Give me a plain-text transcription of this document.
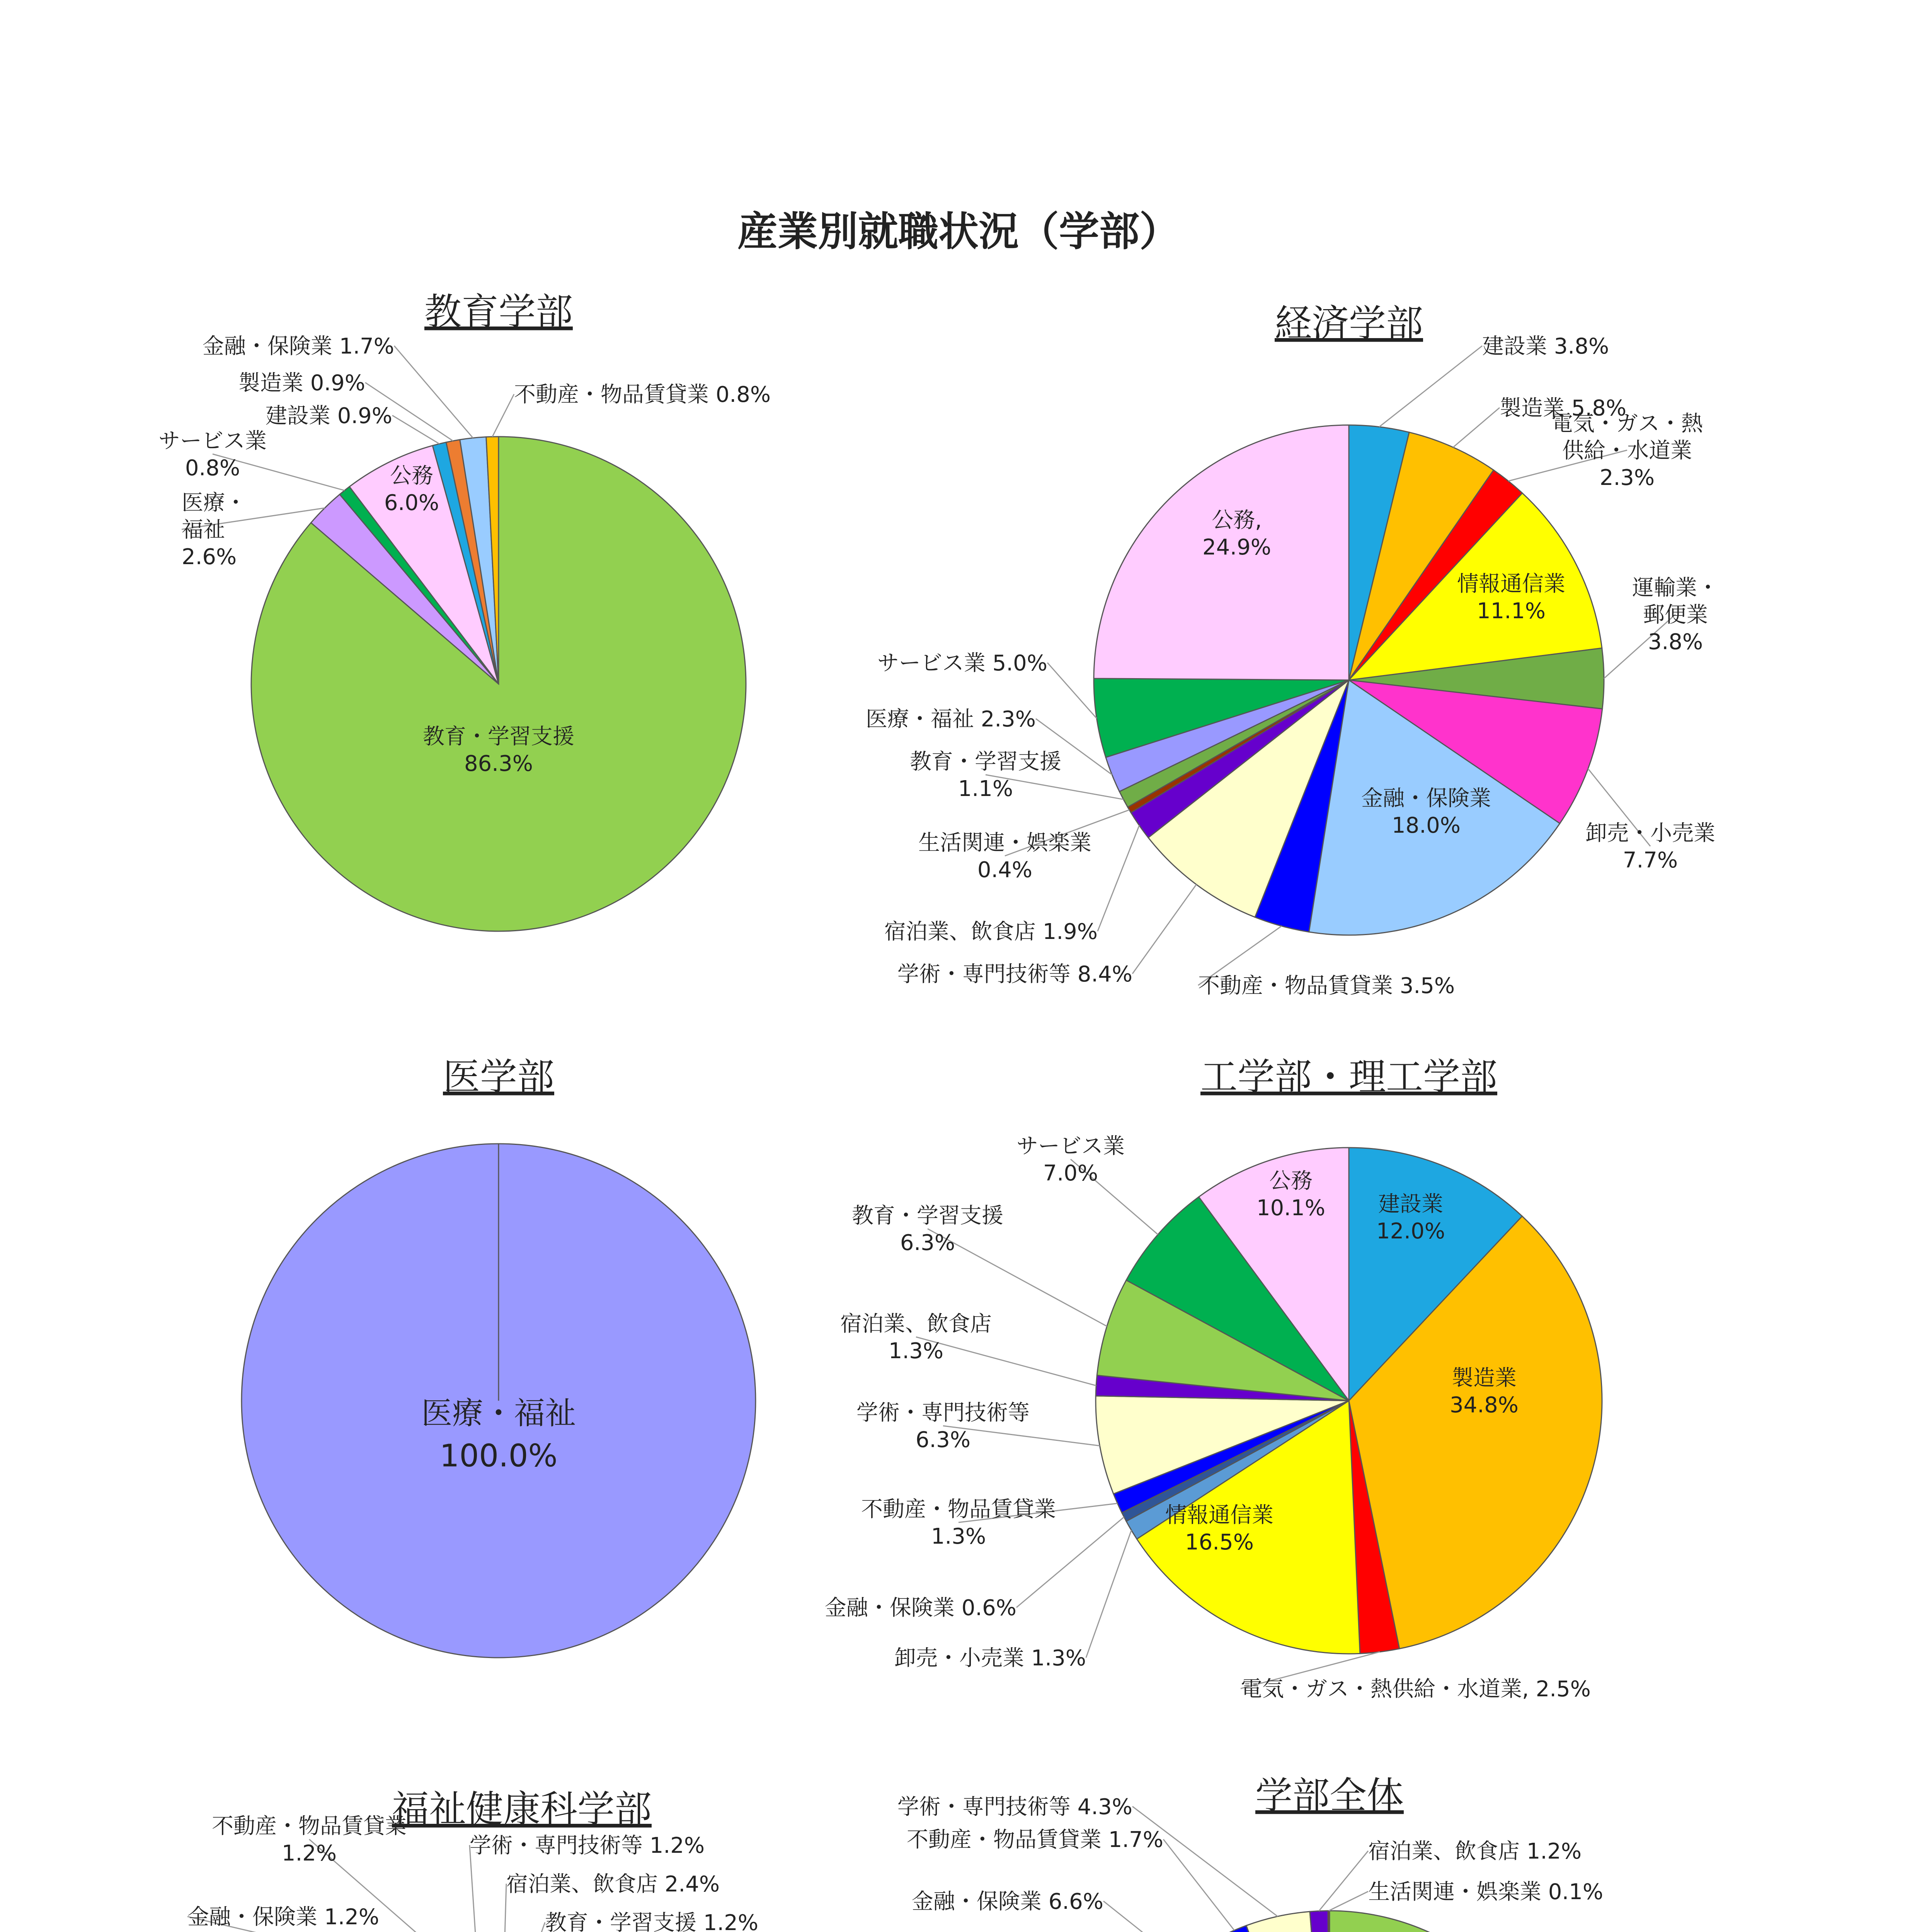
産業別就職状況（学部）
教育学部
教育・学習支援 86.3%
医療・福祉 2.6%
サービス業 0.8%	公務 6.0%
建設業 0.9%
製造業 0.9%
金融・保険業 1.7%
不動産・物品賃貸業 0.8%
経済学部
建設業 3.8%
製造業 5.8%
電気・ガス・熱供給・水道業 2.3%
情報通信業 11.1%
運輸業・郵便業 3.8%
卸売・小売業 7.7%
金融・保険業 18.0%
不動産・物品賃貸業 3.5%
学術・専門技術等 8.4%
宿泊業、飲食店 1.9%
生活関連・娯楽業 0.4%
教育・学習支援 1.1%
医療・福祉 2.3%
サービス業 5.0%
公務, 24.9%
医学部
医療・福祉 100.0%
工学部・理工学部
建設業 12.0%
製造業 34.8%
電気・ガス・熱供給・水道業, 2.5%
情報通信業 16.5%
卸売・小売業 1.3%
金融・保険業 0.6%
不動産・物品賃貸業 1.3%
学術・専門技術等 6.3%
宿泊業、飲食店 1.3%
教育・学習支援 6.3%
サービス業 7.0%	公務 10.1%
福祉健康科学部
教育・学習支援 1.2%
金融・保険業 1.2%
不動産・物品賃貸業 1.2%	学術・専門技術等 1.2%
宿泊業、飲食店 2.4%
学部全体
金融・保険業 6.6%
不動産・物品賃貸業 1.7%
学術・専門技術等 4.3%
宿泊業、飲食店 1.2%
生活関連・娯楽業 0.1%
